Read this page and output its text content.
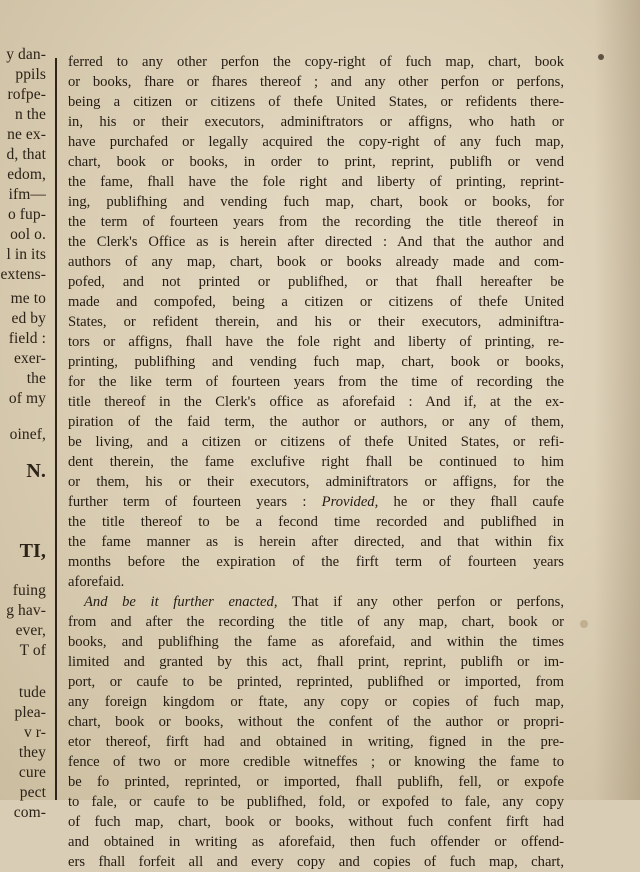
y dan-
ppils
rofpe-
n the
ne ex-
d, that
edom,
ifm—
o fup-
ool o.
l in its
extens-
me to
ed by
field :
exer-
the
of my
oinef,
N.
TI,
fuing
g hav-
ever,
T of
tude
plea-
v r-
they
cure
pect
com-
ferred to any other perfon the copy-right of fuch map, chart, book
or books, fhare or fhares thereof ; and any other perfon or perfons,
being a citizen or citizens of thefe United States, or refidents there-
in, his or their executors, adminiftrators or affigns, who hath or
have purchafed or legally acquired the copy-right of any fuch map,
chart, book or books, in order to print, reprint, publifh or vend
the fame, fhall have the fole right and liberty of printing, reprint-
ing, publifhing and vending fuch map, chart, book or books, for
the term of fourteen years from the recording the title thereof in
the Clerk's Office as is herein after directed : And that the author and
authors of any map, chart, book or books already made and com-
pofed, and not printed or publifhed, or that fhall hereafter be
made and compofed, being a citizen or citizens of thefe United
States, or refident therein, and his or their executors, adminiftra-
tors or affigns, fhall have the fole right and liberty of printing, re-
printing, publifhing and vending fuch map, chart, book or books,
for the like term of fourteen years from the time of recording the
title thereof in the Clerk's office as aforefaid : And if, at the ex-
piration of the faid term, the author or authors, or any of them,
be living, and a citizen or citizens of thefe United States, or refi-
dent therein, the fame exclufive right fhall be continued to him
or them, his or their executors, adminiftrators or affigns, for the
further term of fourteen years : Provided, he or they fhall caufe
the title thereof to be a fecond time recorded and publifhed in
the fame manner as is herein after directed, and that within fix
months before the expiration of the firft term of fourteen years
aforefaid.
And be it further enacted, That if any other perfon or perfons,
from and after the recording the title of any map, chart, book or
books, and publifhing the fame as aforefaid, and within the times
limited and granted by this act, fhall print, reprint, publifh or im-
port, or caufe to be printed, reprinted, publifhed or imported, from
any foreign kingdom or ftate, any copy or copies of fuch map,
chart, book or books, without the confent of the author or propri-
etor thereof, firft had and obtained in writing, figned in the pre-
fence of two or more credible witneffes ; or knowing the fame to
be fo printed, reprinted, or imported, fhall publifh, fell, or expofe
to fale, or caufe to be publifhed, fold, or expofed to fale, any copy
of fuch map, chart, book or books, without fuch confent firft had
and obtained in writing as aforefaid, then fuch offender or offend-
ers fhall forfeit all and every copy and copies of fuch map, chart,
